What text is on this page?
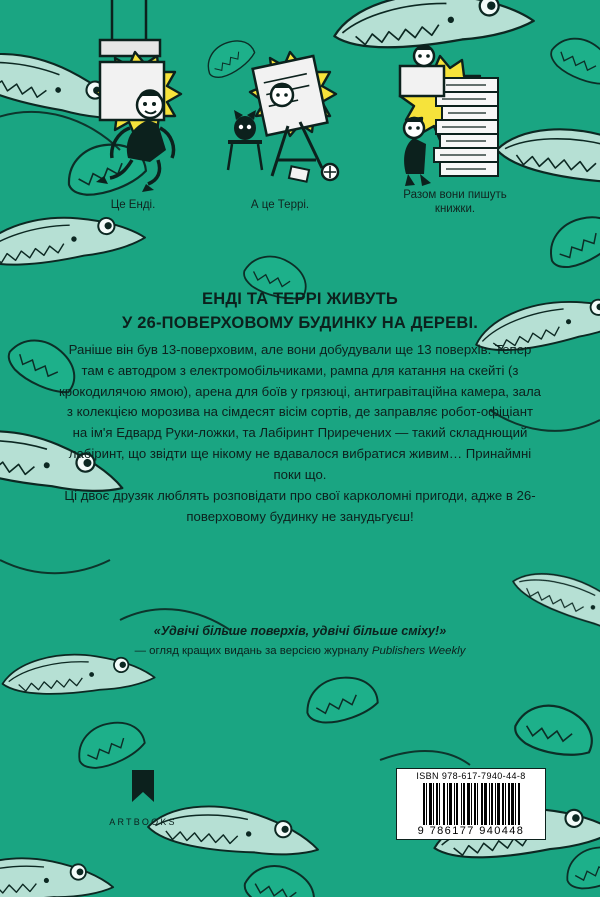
Це Енді.	А це Террі.
Разом вони пишуть книжки.
ЕНДІ ТА ТЕРРІ ЖИВУТЬ
У 26-ПОВЕРХОВОМУ БУДИНКУ НА ДЕРЕВІ.

Раніше він був 13-поверховим, але вони добудували ще 13 поверхів. Тепер там є автодром з електромобільчиками, рампа для катання на скейті (з крокодилячою ямою), арена для боїв у грязюці, антигравітаційна камера, зала з колекцією морозива на сімдесят вісім сортів, де заправляє робот-офіціант на ім'я Едвард Руки-ложки, та Лабіринт Приречених — такий складнющий лабіринт, що звідти ще нікому не вдавалося вибратися живим… Принаймні поки що.

Ці двоє друзяк люблять розповідати про свої карколомні пригоди, адже в 26-поверховому будинку не занудьгуєш!

«Удвічі більше поверхів, удвічі більше сміху!»
— огляд кращих видань за версією журналу Publishers Weekly
ARTBOOKS
ISBN 978-617-7940-44-8
9 786177 940448
